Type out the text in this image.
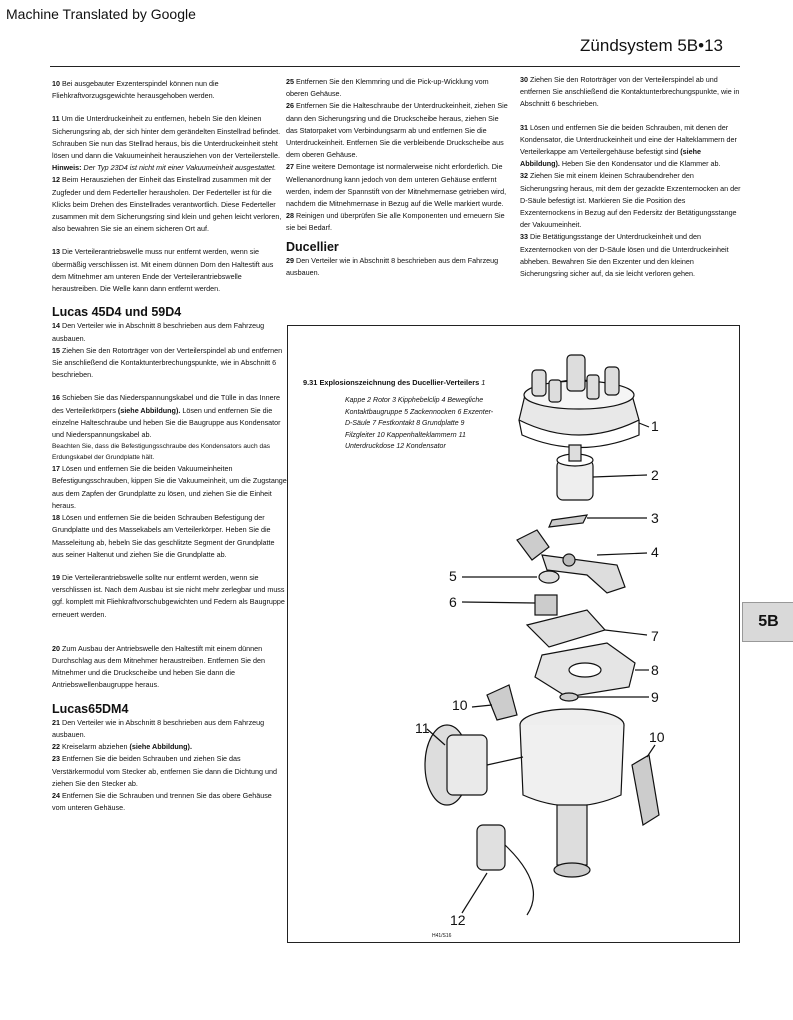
Machine Translated by Google
Zündsystem 5B•13

10 Bei ausgebauter Exzenterspindel können nun die Fliehkraftvorzugsgewichte herausgehoben werden.

11 Um die Unterdruckeinheit zu entfernen, hebeln Sie den kleinen Sicherungsring ab, der sich hinter dem gerändelten Einstellrad befindet. Schrauben Sie nun das Stellrad heraus, bis die Unterdruckeinheit steht lösen und dann die Vakuumeinheit herausziehen von der Verteilerstelle. Hinweis: Der Typ 23D4 ist nicht mit einer Vakuumeinheit ausgestattet.

12 Beim Herausziehen der Einheit das Einstellrad zusammen mit der Zugfeder und dem Federteller herausholen. Der Federteller ist für die Klicks beim Drehen des Einstellrades verantwortlich. Diese Federteller zusammen mit dem Sicherungsring sind klein und gehen leicht verloren, also bewahren Sie sie an einem sicheren Ort auf.

13 Die Verteilerantriebswelle muss nur entfernt werden, wenn sie übermäßig verschlissen ist. Mit einem dünnen Dorn den Haltestift aus dem Mitnehmer am unteren Ende der Verteilerantriebswelle heraustreiben. Die Welle kann dann entfernt werden.

Lucas 45D4 und 59D4

14 Den Verteiler wie in Abschnitt 8 beschrieben aus dem Fahrzeug ausbauen.

15 Ziehen Sie den Rotorträger von der Verteilerspindel ab und entfernen Sie anschließend die Kontaktunterbrechungspunkte, wie in Abschnitt 6 beschrieben.

16 Schieben Sie das Niederspannungskabel und die Tülle in das Innere des Verteilerkörpers (siehe Abbildung). Lösen und entfernen Sie die einzelne Halteschraube und heben Sie die Baugruppe aus Kondensator und Niederspannungskabel ab.

Beachten Sie, dass die Befestigungsschraube des Kondensators auch das Erdungskabel der Grundplatte hält.

17 Lösen und entfernen Sie die beiden Vakuumeinheiten Befestigungsschrauben, kippen Sie die Vakuumeinheit, um die Zugstange aus dem Zapfen der Grundplatte zu lösen, und ziehen Sie die Einheit heraus.

18 Lösen und entfernen Sie die beiden Schrauben Befestigung der Grundplatte und des Massekabels am Verteilerkörper. Heben Sie die Masseleitung ab, hebeln Sie das geschlitzte Segment der Grundplatte aus seiner Haltenut und ziehen Sie die Grundplatte ab.

19 Die Verteilerantriebswelle sollte nur entfernt werden, wenn sie verschlissen ist. Nach dem Ausbau ist sie nicht mehr zerlegbar und muss ggf. komplett mit Fliehkraftvorschubgewichten und Federn als Baugruppe erneuert werden.

20 Zum Ausbau der Antriebswelle den Haltestift mit einem dünnen Durchschlag aus dem Mitnehmer heraustreiben. Entfernen Sie den Mitnehmer und die Druckscheibe und heben Sie dann die Antriebswellenbaugruppe heraus.

Lucas65DM4

21 Den Verteiler wie in Abschnitt 8 beschrieben aus dem Fahrzeug ausbauen.

22 Kreiselarm abziehen (siehe Abbildung).

23 Entfernen Sie die beiden Schrauben und ziehen Sie das Verstärkermodul vom Stecker ab, entfernen Sie dann die Dichtung und ziehen Sie den Stecker ab.

24 Entfernen Sie die Schrauben und trennen Sie das obere Gehäuse vom unteren Gehäuse.

25 Entfernen Sie den Klemmring und die Pick-up-Wicklung vom oberen Gehäuse.

26 Entfernen Sie die Halteschraube der Unterdruckeinheit, ziehen Sie dann den Sicherungsring und die Druckscheibe heraus, ziehen Sie das Statorpaket vom Verbindungsarm ab und entfernen Sie die Unterdruckeinheit. Entfernen Sie die verbleibende Druckscheibe aus dem oberen Gehäuse.

27 Eine weitere Demontage ist normalerweise nicht erforderlich. Die Wellenanordnung kann jedoch von dem unteren Gehäuse entfernt werden, indem der Spannstift von der Mitnehmernase getrieben wird, nachdem die Mitnehmernase in Bezug auf die Welle markiert wurde.

28 Reinigen und überprüfen Sie alle Komponenten und erneuern Sie sie bei Bedarf.

Ducellier

29 Den Verteiler wie in Abschnitt 8 beschrieben aus dem Fahrzeug ausbauen.

30 Ziehen Sie den Rotorträger von der Verteilerspindel ab und entfernen Sie anschließend die Kontaktunterbrechungspunkte, wie in Abschnitt 6 beschrieben.

31 Lösen und entfernen Sie die beiden Schrauben, mit denen der Kondensator, die Unterdruckeinheit und eine der Halteklammern der Verteilerkappe am Verteilergehäuse befestigt sind (siehe Abbildung). Heben Sie den Kondensator und die Klammer ab.

32 Ziehen Sie mit einem kleinen Schraubendreher den Sicherungsring heraus, mit dem der gezackte Exzenternocken an der D-Säule befestigt ist. Markieren Sie die Position des Exzenternockens in Bezug auf den Federsitz der Betätigungsstange der Vakuumeinheit.

33 Die Betätigungsstange der Unterdruckeinheit und den Exzenternocken von der D-Säule lösen und die Unterdruckeinheit abheben. Bewahren Sie den Exzenter und den kleinen Sicherungsring sicher auf, da sie leicht verloren gehen.

5B
9.31 Explosionszeichnung des Ducellier-Verteilers 1
Kappe 2 Rotor 3 Kipphebelclip 4 Bewegliche
Kontaktbaugruppe 5 Zackennocken 6 Exzenter-
D-Säule 7 Festkontakt 8 Grundplatte 9
Filzgleiter 10 Kappenhalteklammern 11
Unterdruckdose 12 Kondensator
1
2
3
4
5
6
7
8
9
10
10
11
12
H41/S16
